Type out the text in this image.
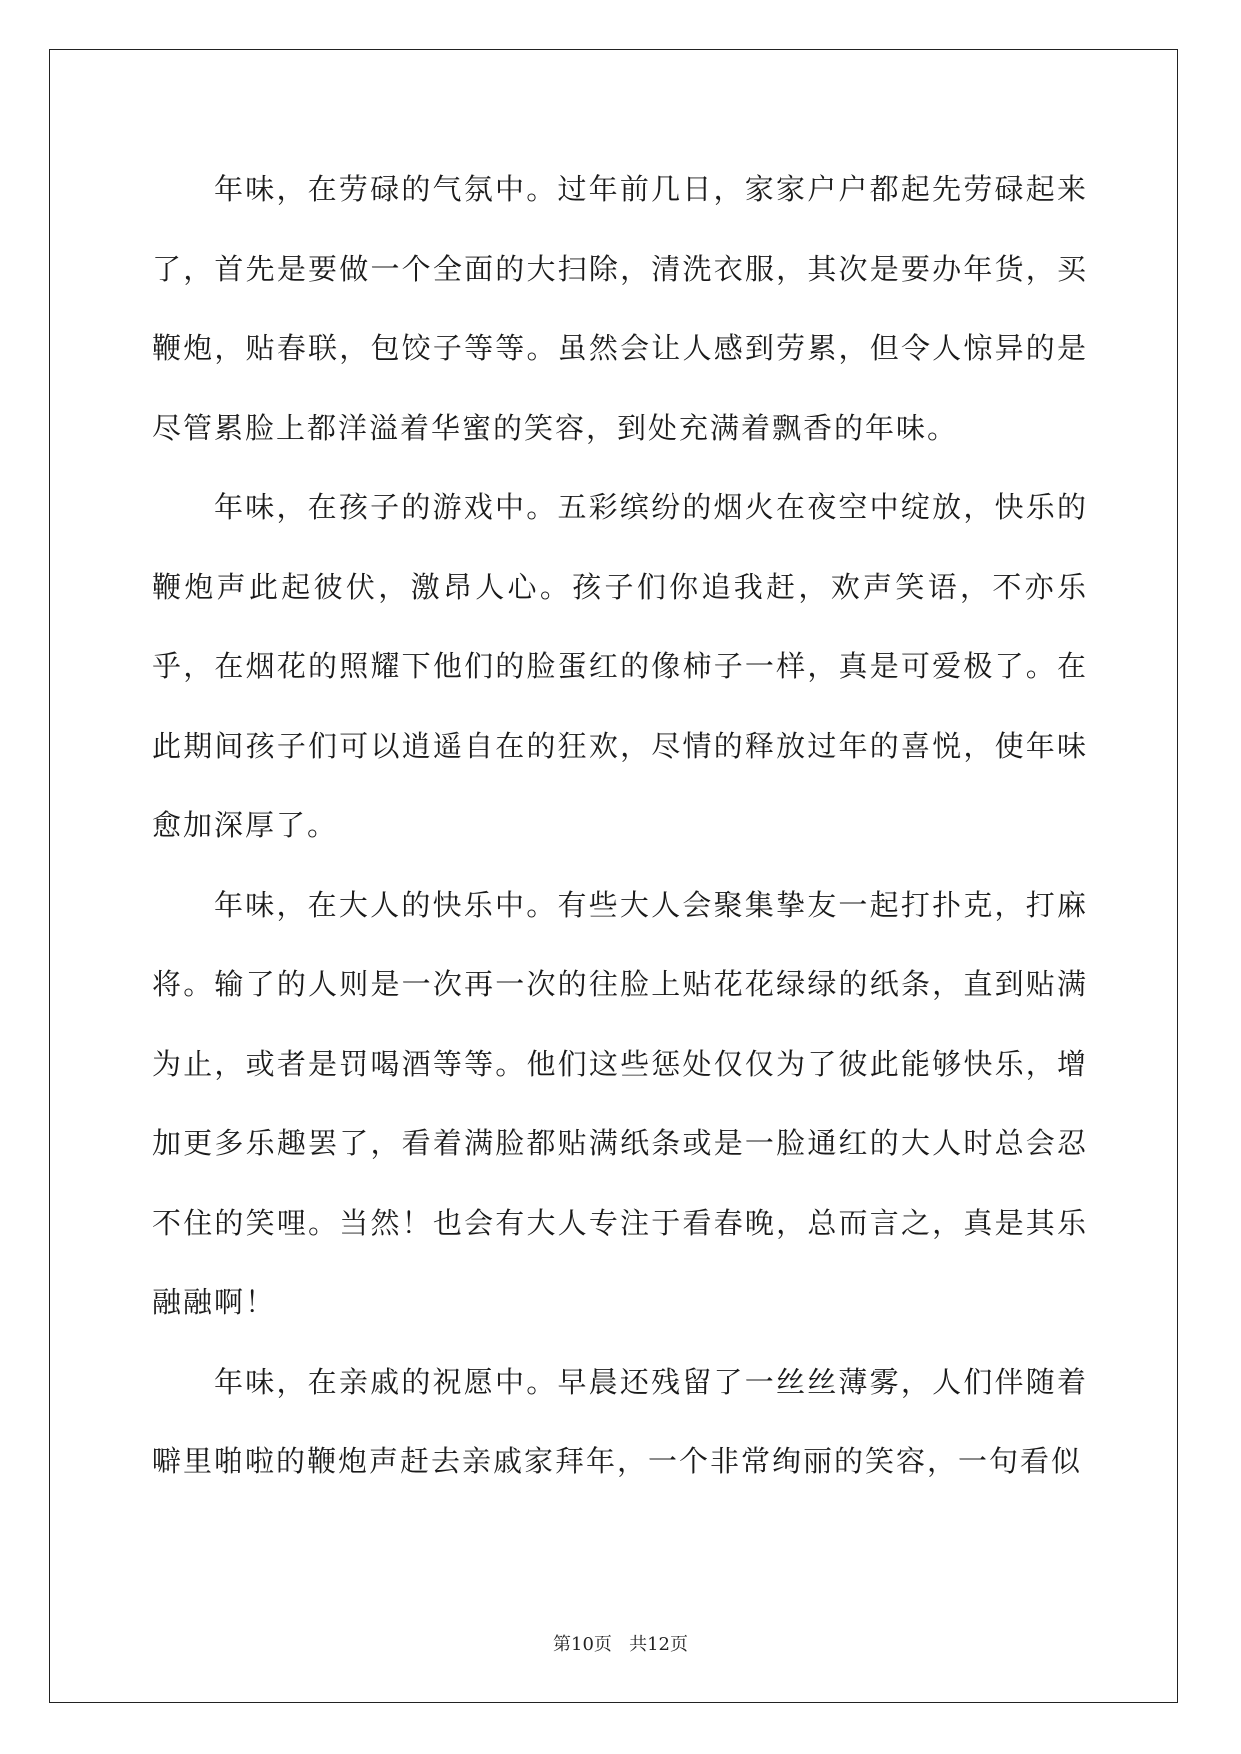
年味，在劳碌的气氛中。过年前几日，家家户户都起先劳碌起来了，首先是要做一个全面的大扫除，清洗衣服，其次是要办年货，买鞭炮，贴春联，包饺子等等。虽然会让人感到劳累，但令人惊异的是尽管累脸上都洋溢着华蜜的笑容，到处充满着飘香的年味。

年味，在孩子的游戏中。五彩缤纷的烟火在夜空中绽放，快乐的鞭炮声此起彼伏，激昂人心。孩子们你追我赶，欢声笑语，不亦乐乎，在烟花的照耀下他们的脸蛋红的像柿子一样，真是可爱极了。在此期间孩子们可以逍遥自在的狂欢，尽情的释放过年的喜悦，使年味愈加深厚了。

年味，在大人的快乐中。有些大人会聚集挚友一起打扑克，打麻将。输了的人则是一次再一次的往脸上贴花花绿绿的纸条，直到贴满为止，或者是罚喝酒等等。他们这些惩处仅仅为了彼此能够快乐，增加更多乐趣罢了，看着满脸都贴满纸条或是一脸通红的大人时总会忍不住的笑哩。当然！也会有大人专注于看春晚，总而言之，真是其乐融融啊！

年味，在亲戚的祝愿中。早晨还残留了一丝丝薄雾，人们伴随着噼里啪啦的鞭炮声赶去亲戚家拜年，一个非常绚丽的笑容，一句看似

第10页   共12页
